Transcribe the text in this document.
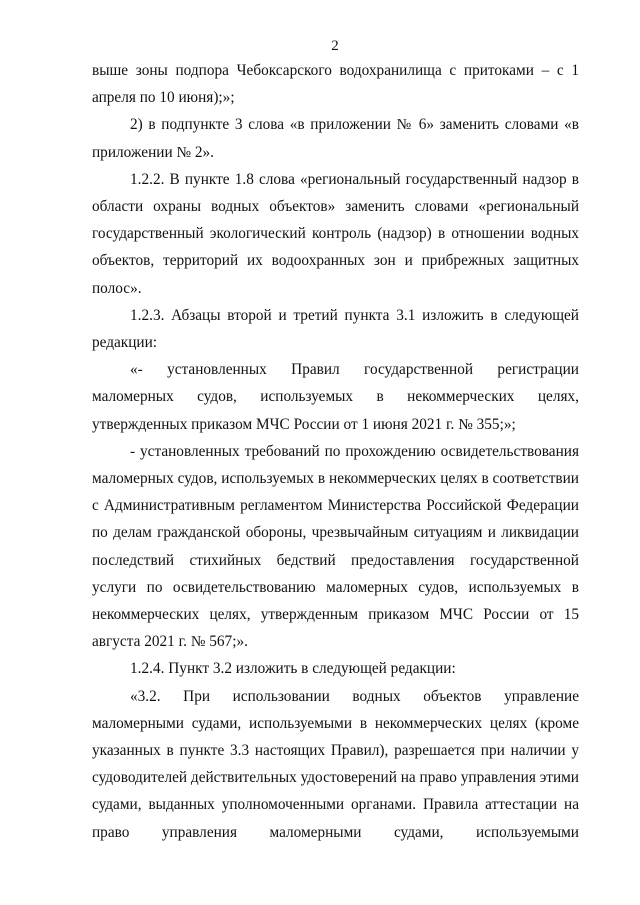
2

выше зоны подпора Чебоксарского водохранилища с притоками – с 1 апреля по 10 июня);»;

2) в подпункте 3 слова «в приложении № 6» заменить словами «в приложении № 2».

1.2.2. В пункте 1.8 слова «региональный государственный надзор в области охраны водных объектов» заменить словами «региональный государственный экологический контроль (надзор) в отношении водных объектов, территорий их водоохранных зон и прибрежных защитных полос».

1.2.3. Абзацы второй и третий пункта 3.1 изложить в следующей редакции:

«- установленных Правил государственной регистрации маломерных судов, используемых в некоммерческих целях, утвержденных приказом МЧС России от 1 июня 2021 г. № 355;»;

- установленных требований по прохождению освидетельствования маломерных судов, используемых в некоммерческих целях в соответствии с Административным регламентом Министерства Российской Федерации по делам гражданской обороны, чрезвычайным ситуациям и ликвидации последствий стихийных бедствий предоставления государственной услуги по освидетельствованию маломерных судов, используемых в некоммерческих целях, утвержденным приказом МЧС России от 15 августа 2021 г. № 567;».

1.2.4. Пункт 3.2 изложить в следующей редакции:

«3.2. При использовании водных объектов управление маломерными судами, используемыми в некоммерческих целях (кроме указанных в пункте 3.3 настоящих Правил), разрешается при наличии у судоводителей действительных удостоверений на право управления этими судами, выданных уполномоченными органами. Правила аттестации на право управления маломерными судами, используемыми
